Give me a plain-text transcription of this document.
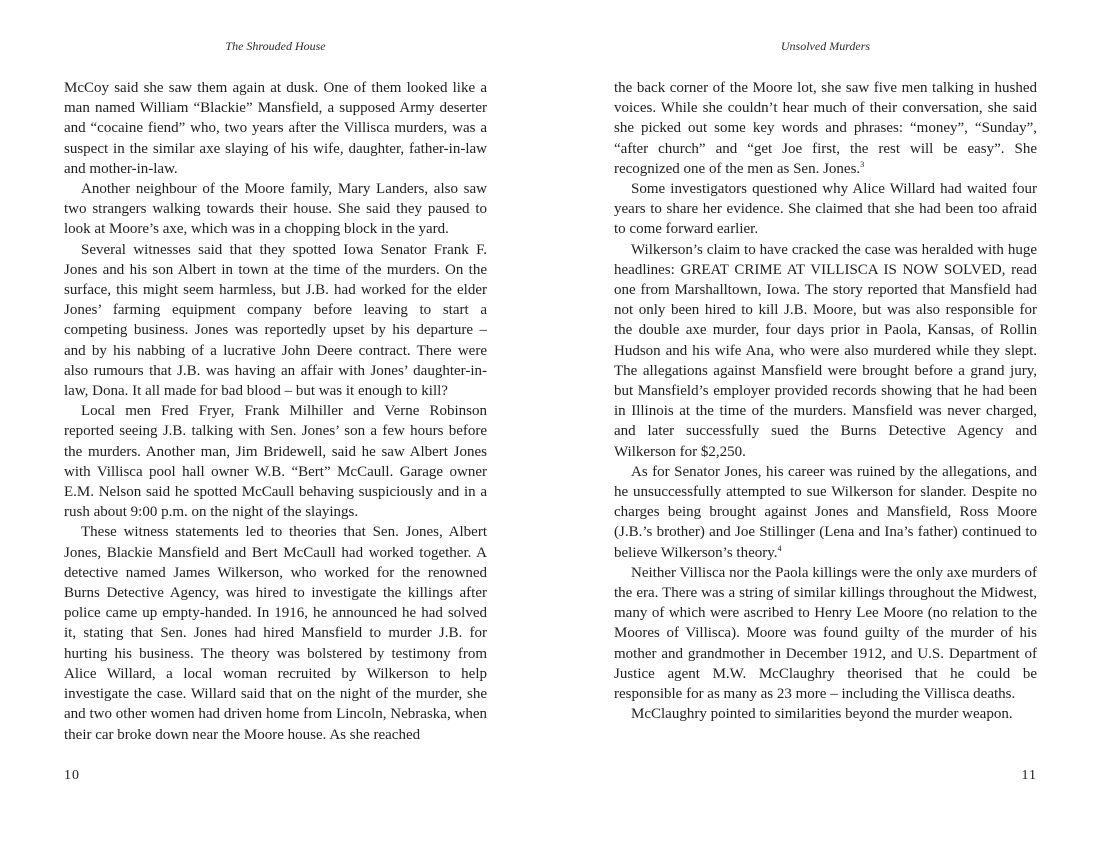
The Shrouded House

McCoy said she saw them again at dusk. One of them looked like a man named William “Blackie” Mansfield, a supposed Army deserter and “cocaine fiend” who, two years after the Villisca murders, was a suspect in the similar axe slaying of his wife, daughter, father-in-law and mother-in-law.

Another neighbour of the Moore family, Mary Landers, also saw two strangers walking towards their house. She said they paused to look at Moore’s axe, which was in a chopping block in the yard.

Several witnesses said that they spotted Iowa Senator Frank F. Jones and his son Albert in town at the time of the murders. On the surface, this might seem harmless, but J.B. had worked for the elder Jones’ farming equipment company before leaving to start a competing business. Jones was reportedly upset by his departure – and by his nabbing of a lucrative John Deere contract. There were also rumours that J.B. was having an affair with Jones’ daughter-in-law, Dona. It all made for bad blood – but was it enough to kill?

Local men Fred Fryer, Frank Milhiller and Verne Robinson reported seeing J.B. talking with Sen. Jones’ son a few hours before the murders. Another man, Jim Bridewell, said he saw Albert Jones with Villisca pool hall owner W.B. “Bert” McCaull. Garage owner E.M. Nelson said he spotted McCaull behaving suspiciously and in a rush about 9:00 p.m. on the night of the slayings.

These witness statements led to theories that Sen. Jones, Albert Jones, Blackie Mansfield and Bert McCaull had worked together. A detective named James Wilkerson, who worked for the renowned Burns Detective Agency, was hired to investigate the killings after police came up empty-handed. In 1916, he announced he had solved it, stating that Sen. Jones had hired Mansfield to murder J.B. for hurting his business. The theory was bolstered by testimony from Alice Willard, a local woman recruited by Wilkerson to help investigate the case. Willard said that on the night of the murder, she and two other women had driven home from Lincoln, Nebraska, when their car broke down near the Moore house. As she reached

10
Unsolved Murders

the back corner of the Moore lot, she saw five men talking in hushed voices. While she couldn’t hear much of their conversation, she said she picked out some key words and phrases: “money”, “Sunday”, “after church” and “get Joe first, the rest will be easy”. She recognized one of the men as Sen. Jones.$^3$

Some investigators questioned why Alice Willard had waited four years to share her evidence. She claimed that she had been too afraid to come forward earlier.

Wilkerson’s claim to have cracked the case was heralded with huge headlines: GREAT CRIME AT VILLISCA IS NOW SOLVED, read one from Marshalltown, Iowa. The story reported that Mansfield had not only been hired to kill J.B. Moore, but was also responsible for the double axe murder, four days prior in Paola, Kansas, of Rollin Hudson and his wife Ana, who were also murdered while they slept. The allegations against Mansfield were brought before a grand jury, but Mansfield’s employer provided records showing that he had been in Illinois at the time of the murders. Mansfield was never charged, and later successfully sued the Burns Detective Agency and Wilkerson for $2,250.

As for Senator Jones, his career was ruined by the allegations, and he unsuccessfully attempted to sue Wilkerson for slander. Despite no charges being brought against Jones and Mansfield, Ross Moore (J.B.’s brother) and Joe Stillinger (Lena and Ina’s father) continued to believe Wilkerson’s theory.$^4$

Neither Villisca nor the Paola killings were the only axe murders of the era. There was a string of similar killings throughout the Midwest, many of which were ascribed to Henry Lee Moore (no relation to the Moores of Villisca). Moore was found guilty of the murder of his mother and grandmother in December 1912, and U.S. Department of Justice agent M.W. McClaughry theorised that he could be responsible for as many as 23 more – including the Villisca deaths.

McClaughry pointed to similarities beyond the murder weapon.

11
